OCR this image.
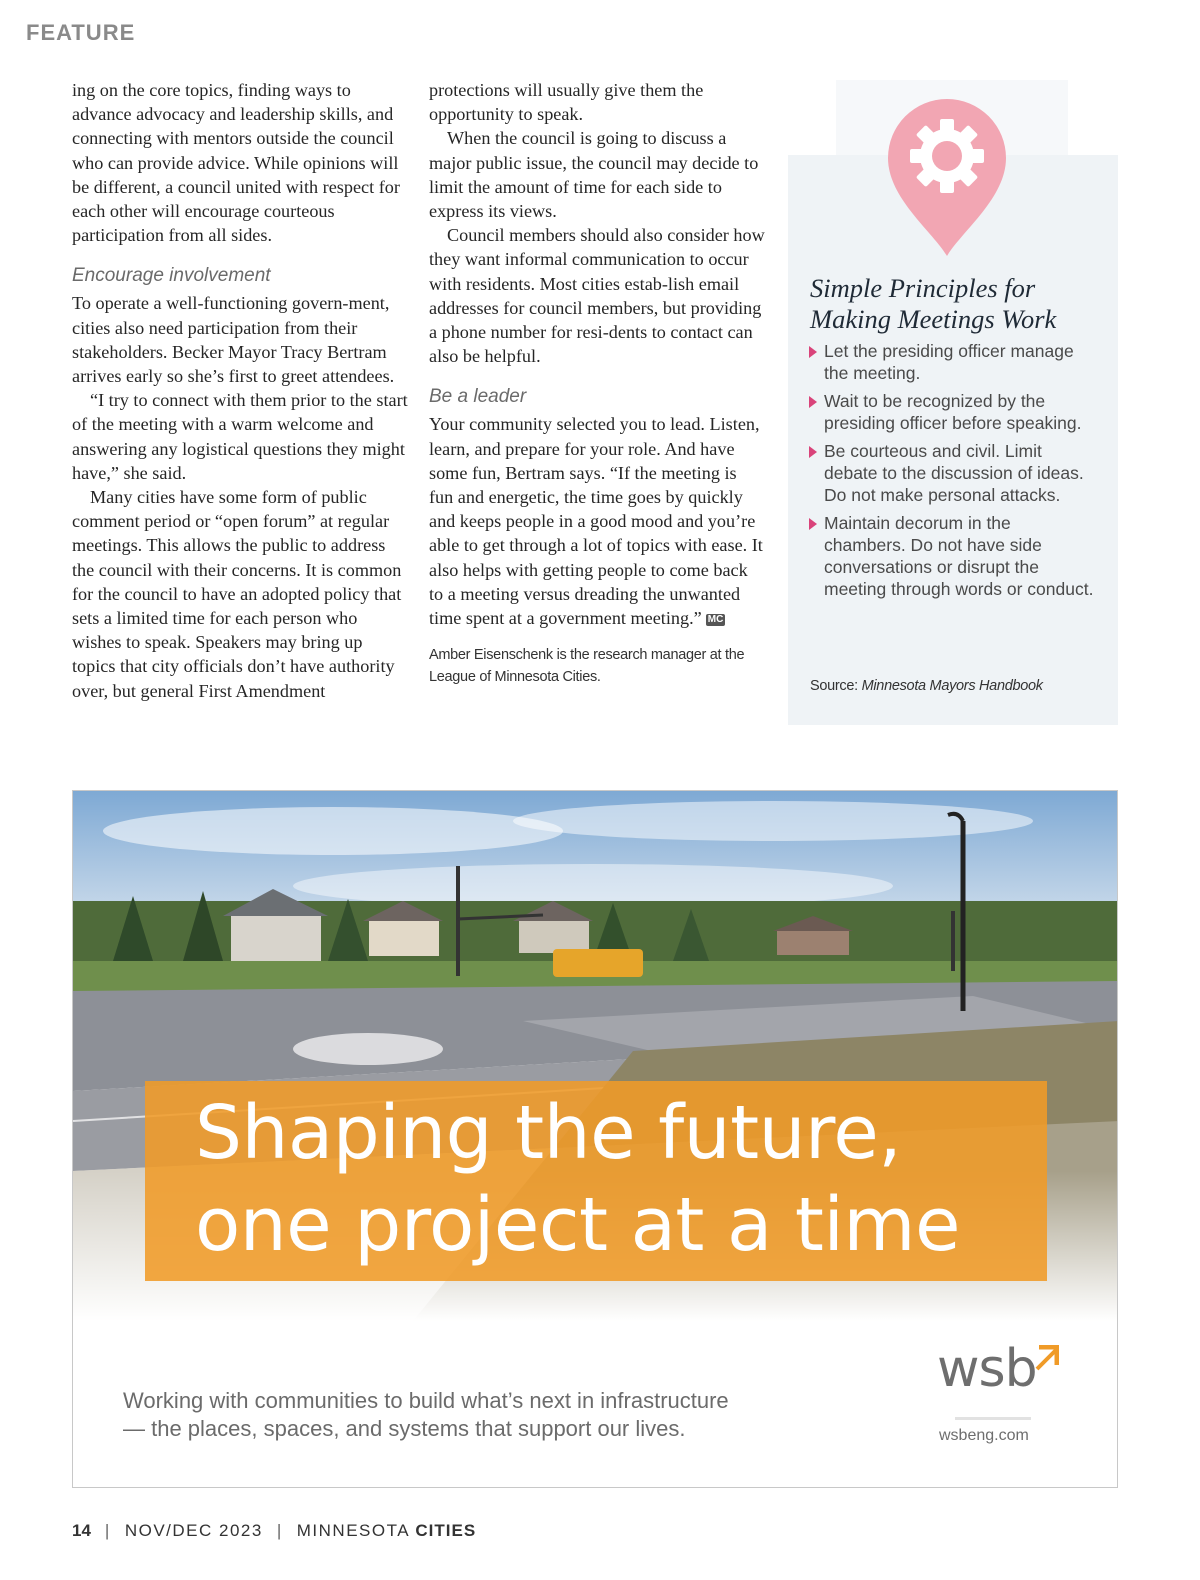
FEATURE

ing on the core topics, finding ways to advance advocacy and leadership skills, and connecting with mentors outside the council who can provide advice. While opinions will be different, a council united with respect for each other will encourage courteous participation from all sides.

Encourage involvement

To operate a well-functioning govern-ment, cities also need participation from their stakeholders. Becker Mayor Tracy Bertram arrives early so she’s first to greet attendees.

“I try to connect with them prior to the start of the meeting with a warm welcome and answering any logistical questions they might have,” she said.

Many cities have some form of public comment period or “open forum” at regular meetings. This allows the public to address the council with their concerns. It is common for the council to have an adopted policy that sets a limited time for each person who wishes to speak. Speakers may bring up topics that city officials don’t have authority over, but general First Amendment

protections will usually give them the opportunity to speak.

When the council is going to discuss a major public issue, the council may decide to limit the amount of time for each side to express its views.

Council members should also consider how they want informal communication to occur with residents. Most cities estab-lish email addresses for council members, but providing a phone number for resi-dents to contact can also be helpful.

Be a leader

Your community selected you to lead. Listen, learn, and prepare for your role. And have some fun, Bertram says. “If the meeting is fun and energetic, the time goes by quickly and keeps people in a good mood and you’re able to get through a lot of topics with ease. It also helps with getting people to come back to a meeting versus dreading the unwanted time spent at a government meeting.” MC

Amber Eisenschenk is the research manager at the League of Minnesota Cities.

Simple Principles for
Making Meetings Work
Let the presiding officer manage the meeting.
Wait to be recognized by the presiding officer before speaking.
Be courteous and civil. Limit debate to the discussion of ideas. Do not make personal attacks.
Maintain decorum in the chambers. Do not have side conversations or disrupt the meeting through words or conduct.
Source: Minnesota Mayors Handbook
Shaping the future,
one project at a time
Working with communities to build what’s next in infrastructure
— the places, spaces, and systems that support our lives.
wsb
wsbeng.com
14 | NOV/DEC 2023 | MINNESOTA CITIES
